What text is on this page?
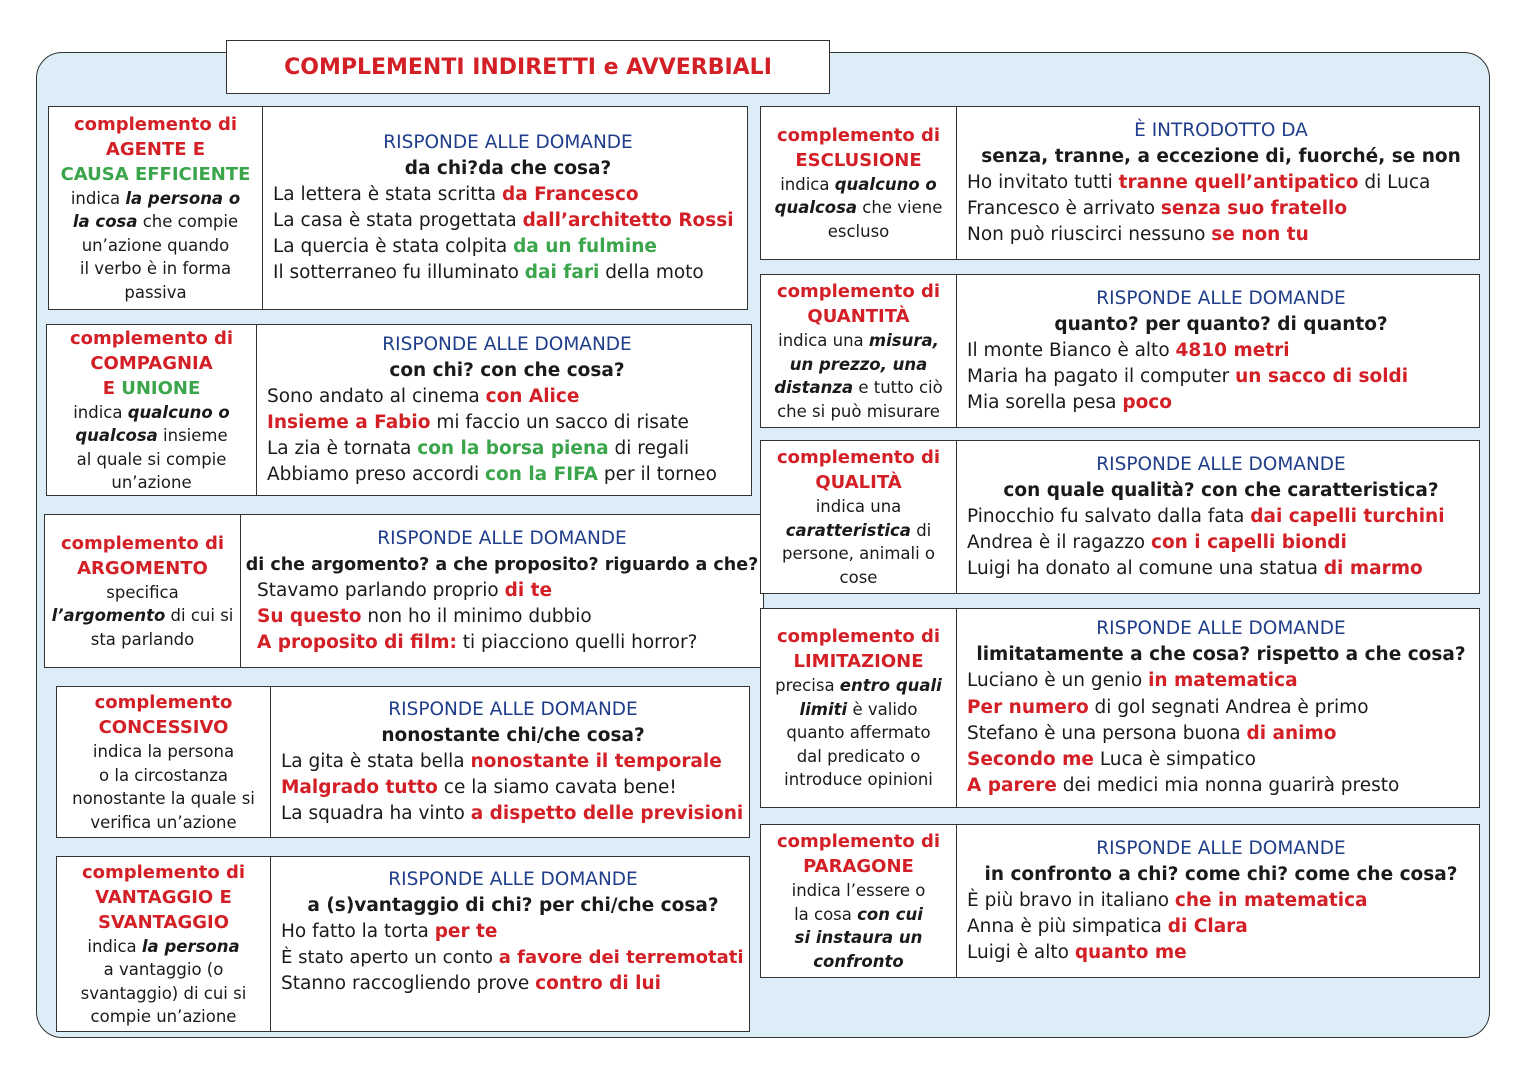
COMPLEMENTI INDIRETTI e AVVERBIALI
complemento di
AGENTE E
CAUSA EFFICIENTE
indica la persona o
la cosa che compie
un’azione quando
il verbo è in forma
passiva
RISPONDE ALLE DOMANDE
da chi?da che cosa?
La lettera è stata scritta da Francesco
La casa è stata progettata dall’architetto Rossi
La quercia è stata colpita da un fulmine
Il sotterraneo fu illuminato dai fari della moto
complemento di
COMPAGNIA
E UNIONE
indica qualcuno o
qualcosa insieme
al quale si compie
un’azione
RISPONDE ALLE DOMANDE
con chi? con che cosa?
Sono andato al cinema con Alice
Insieme a Fabio mi faccio un sacco di risate
La zia è tornata con la borsa piena di regali
Abbiamo preso accordi con la FIFA per il torneo
complemento di
ARGOMENTO
specifica
l’argomento di cui si
sta parlando
RISPONDE ALLE DOMANDE
di che argomento? a che proposito? riguardo a che?
Stavamo parlando proprio di te
Su questo non ho il minimo dubbio
A proposito di film: ti piacciono quelli horror?
complemento
CONCESSIVO
indica la persona
o la circostanza
nonostante la quale si
verifica un’azione
RISPONDE ALLE DOMANDE
nonostante chi/che cosa?
La gita è stata bella nonostante il temporale
Malgrado tutto ce la siamo cavata bene!
La squadra ha vinto a dispetto delle previsioni
complemento di
VANTAGGIO E
SVANTAGGIO
indica la persona
a vantaggio (o
svantaggio) di cui si
compie un’azione
RISPONDE ALLE DOMANDE
a (s)vantaggio di chi? per chi/che cosa?
Ho fatto la torta per te
È stato aperto un conto a favore dei terremotati
Stanno raccogliendo prove contro di lui
complemento di
ESCLUSIONE
indica qualcuno o
qualcosa che viene
escluso
È INTRODOTTO DA
senza, tranne, a eccezione di, fuorché, se non
Ho invitato tutti tranne quell’antipatico di Luca
Francesco è arrivato senza suo fratello
Non può riuscirci nessuno se non tu
complemento di
QUANTITÀ
indica una misura,
un prezzo, una
distanza e tutto ciò
che si può misurare
RISPONDE ALLE DOMANDE
quanto? per quanto? di quanto?
Il monte Bianco è alto 4810 metri
Maria ha pagato il computer un sacco di soldi
Mia sorella pesa poco
complemento di
QUALITÀ
indica una
caratteristica di
persone, animali o
cose
RISPONDE ALLE DOMANDE
con quale qualità? con che caratteristica?
Pinocchio fu salvato dalla fata dai capelli turchini
Andrea è il ragazzo con i capelli biondi
Luigi ha donato al comune una statua di marmo
complemento di
LIMITAZIONE
precisa entro quali
limiti è valido
quanto affermato
dal predicato o
introduce opinioni
RISPONDE ALLE DOMANDE
limitatamente a che cosa? rispetto a che cosa?
Luciano è un genio in matematica
Per numero di gol segnati Andrea è primo
Stefano è una persona buona di animo
Secondo me Luca è simpatico
A parere dei medici mia nonna guarirà presto
complemento di
PARAGONE
indica l’essere o
la cosa con cui
si instaura un
confronto
RISPONDE ALLE DOMANDE
in confronto a chi? come chi? come che cosa?
È più bravo in italiano che in matematica
Anna è più simpatica di Clara
Luigi è alto quanto me
